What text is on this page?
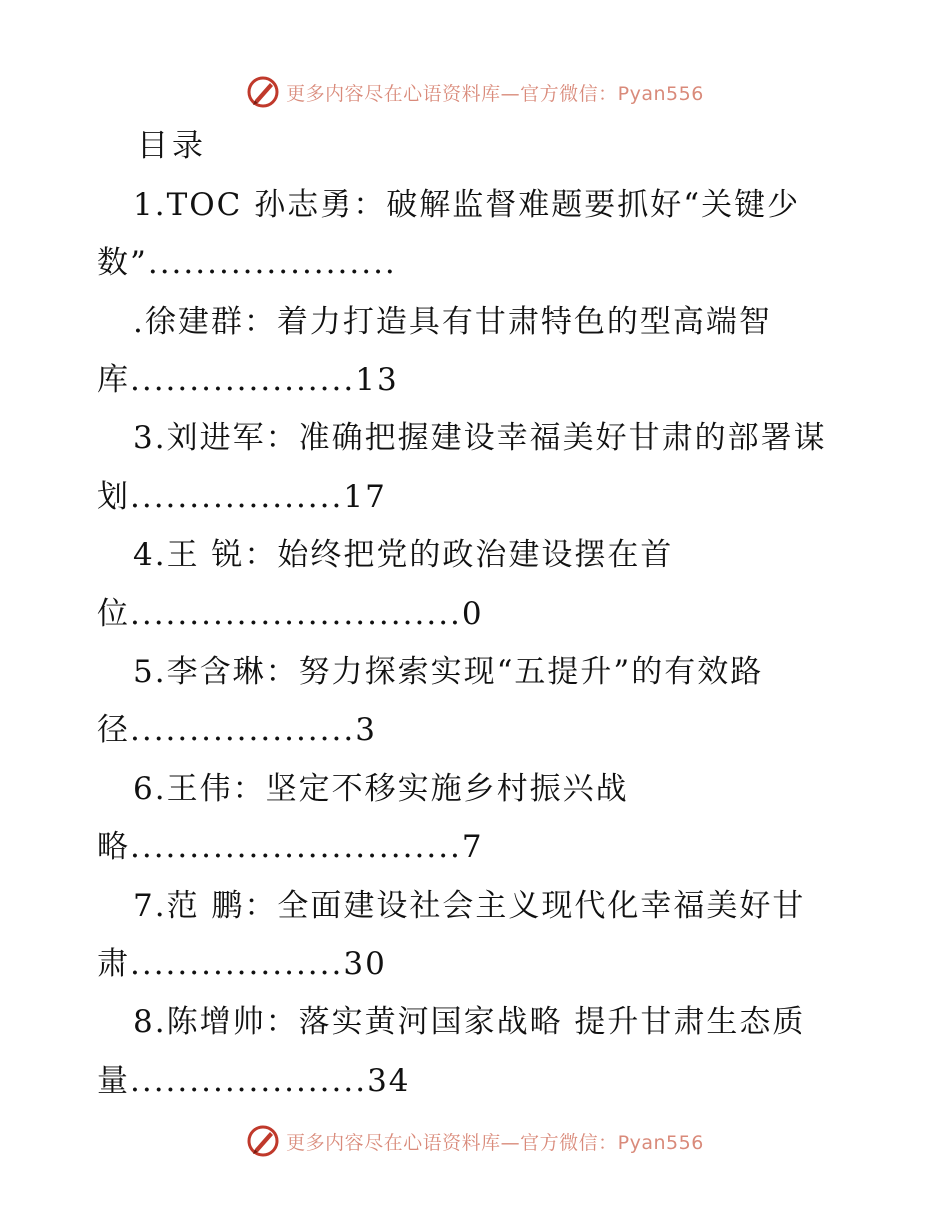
更多内容尽在心语资料库—官方微信：Pyan556
目录
1.TOC 孙志勇：破解监督难题要抓好“关键少
数”.....................
.徐建群：着力打造具有甘肃特色的型高端智
库...................13
3.刘进军：准确把握建设幸福美好甘肃的部署谋
划..................17
4.王 锐：始终把党的政治建设摆在首
位............................0
5.李含琳：努力探索实现“五提升”的有效路
径...................3
6.王伟：坚定不移实施乡村振兴战
略............................7
7.范 鹏：全面建设社会主义现代化幸福美好甘
肃..................30
8.陈增帅：落实黄河国家战略 提升甘肃生态质
量....................34
更多内容尽在心语资料库—官方微信：Pyan556
